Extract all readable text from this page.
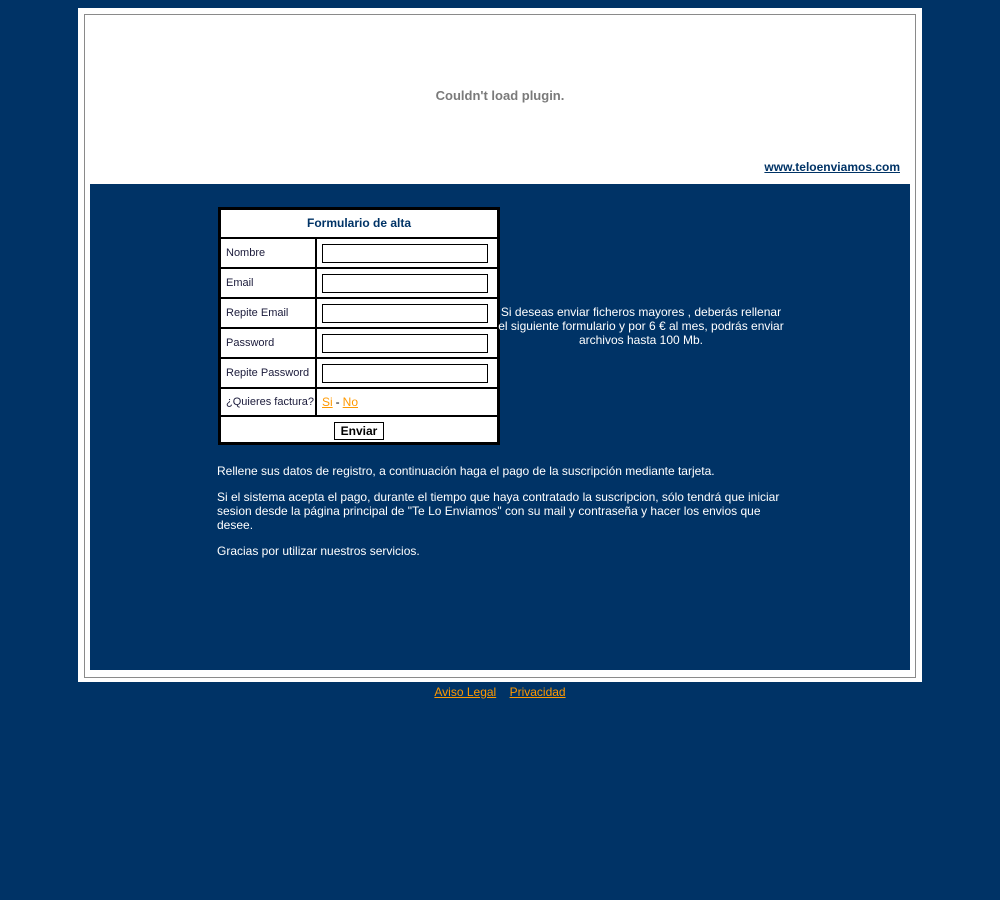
Couldn't load plugin.
www.teloenviamos.com
Formulario de alta
Nombre
Email
Repite Email
Password
Repite Password
¿Quieres factura? Si - No
Enviar
Si deseas enviar ficheros mayores , deberás rellenar el siguiente formulario y por 6 € al mes, podrás enviar archivos hasta 100 Mb.

Rellene sus datos de registro, a continuación haga el pago de la suscripción mediante tarjeta.

Si el sistema acepta el pago, durante el tiempo que haya contratado la suscripcion, sólo tendrá que iniciar sesion desde la página principal de "Te Lo Enviamos" con su mail y contraseña y hacer los envios que desee.

Gracias por utilizar nuestros servicios.

Aviso Legal Privacidad
